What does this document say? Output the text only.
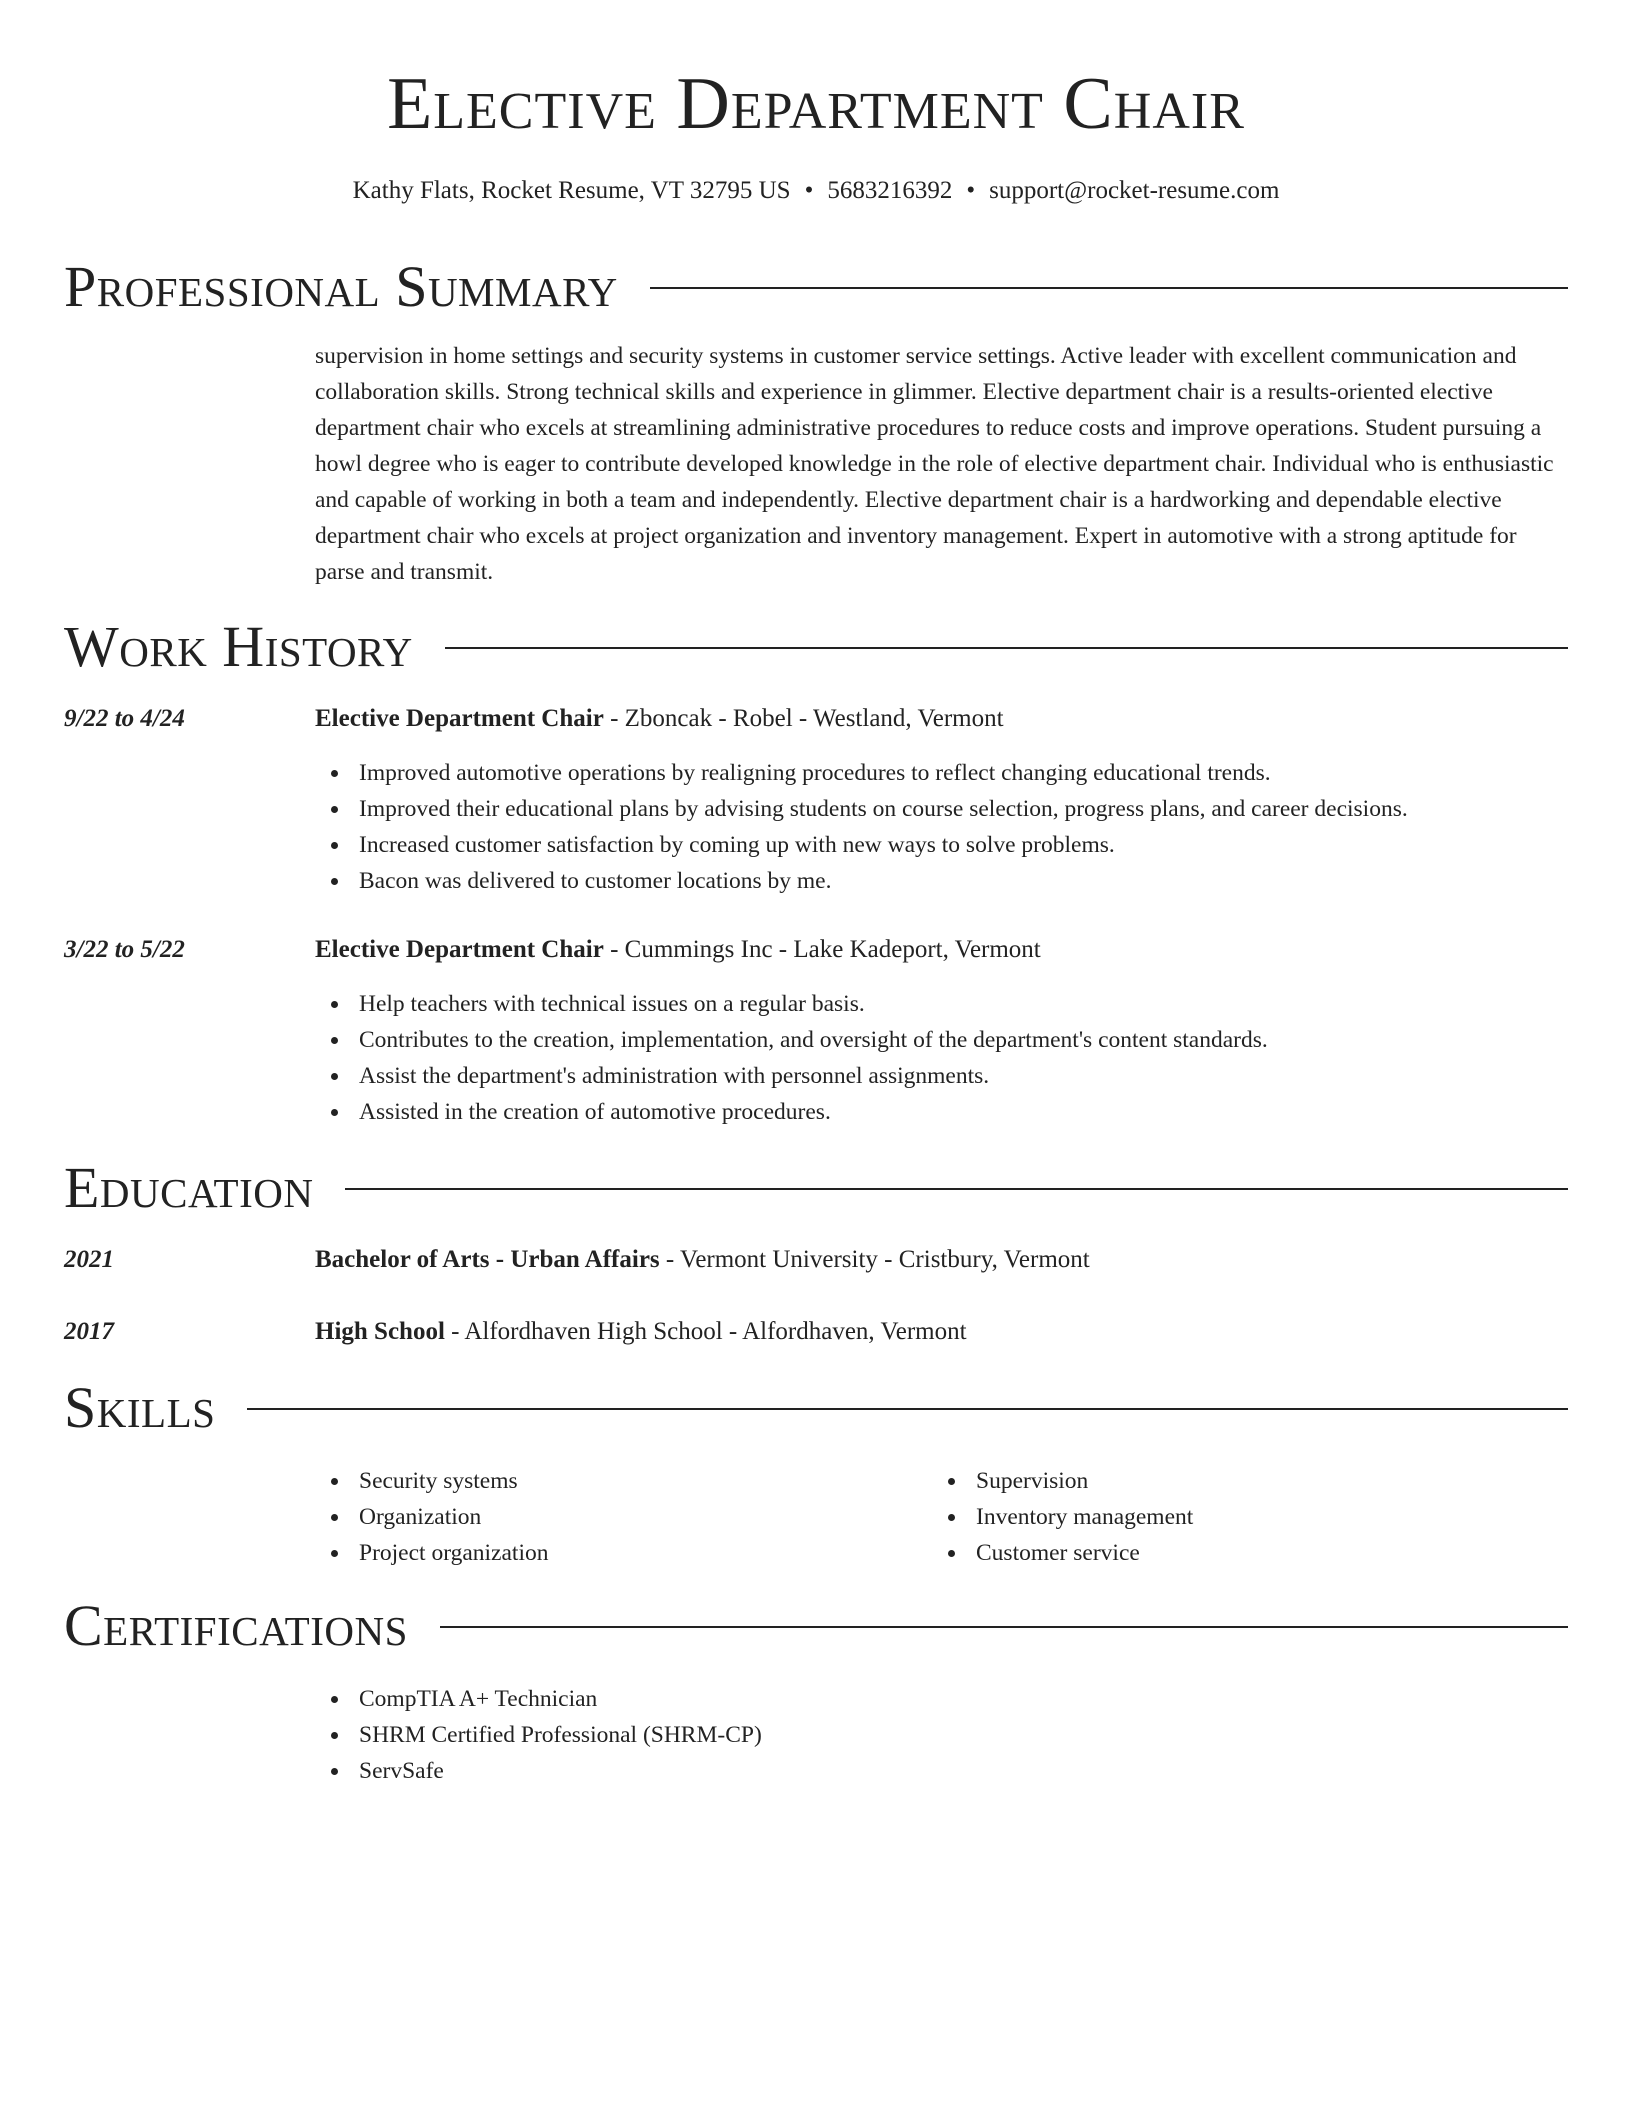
Elective Department Chair
Kathy Flats, Rocket Resume, VT 32795 US • 5683216392 • support@rocket-resume.com
Professional Summary

supervision in home settings and security systems in customer service settings. Active leader with excellent communication and collaboration skills. Strong technical skills and experience in glimmer. Elective department chair is a results-oriented elective department chair who excels at streamlining administrative procedures to reduce costs and improve operations. Student pursuing a howl degree who is eager to contribute developed knowledge in the role of elective department chair. Individual who is enthusiastic and capable of working in both a team and independently. Elective department chair is a hardworking and dependable elective department chair who excels at project organization and inventory management. Expert in automotive with a strong aptitude for parse and transmit.

Work History
9/22 to 4/24	Elective Department Chair - Zboncak - Robel - Westland, Vermont
Improved automotive operations by realigning procedures to reflect changing educational trends.
Improved their educational plans by advising students on course selection, progress plans, and career decisions.
Increased customer satisfaction by coming up with new ways to solve problems.
Bacon was delivered to customer locations by me.
3/22 to 5/22	Elective Department Chair - Cummings Inc - Lake Kadeport, Vermont
Help teachers with technical issues on a regular basis.
Contributes to the creation, implementation, and oversight of the department's content standards.
Assist the department's administration with personnel assignments.
Assisted in the creation of automotive procedures.
Education
2021	Bachelor of Arts - Urban Affairs - Vermont University - Cristbury, Vermont
2017	High School - Alfordhaven High School - Alfordhaven, Vermont
Skills
Security systems
Organization
Project organization
Supervision
Inventory management
Customer service
Certifications
CompTIA A+ Technician
SHRM Certified Professional (SHRM-CP)
ServSafe
